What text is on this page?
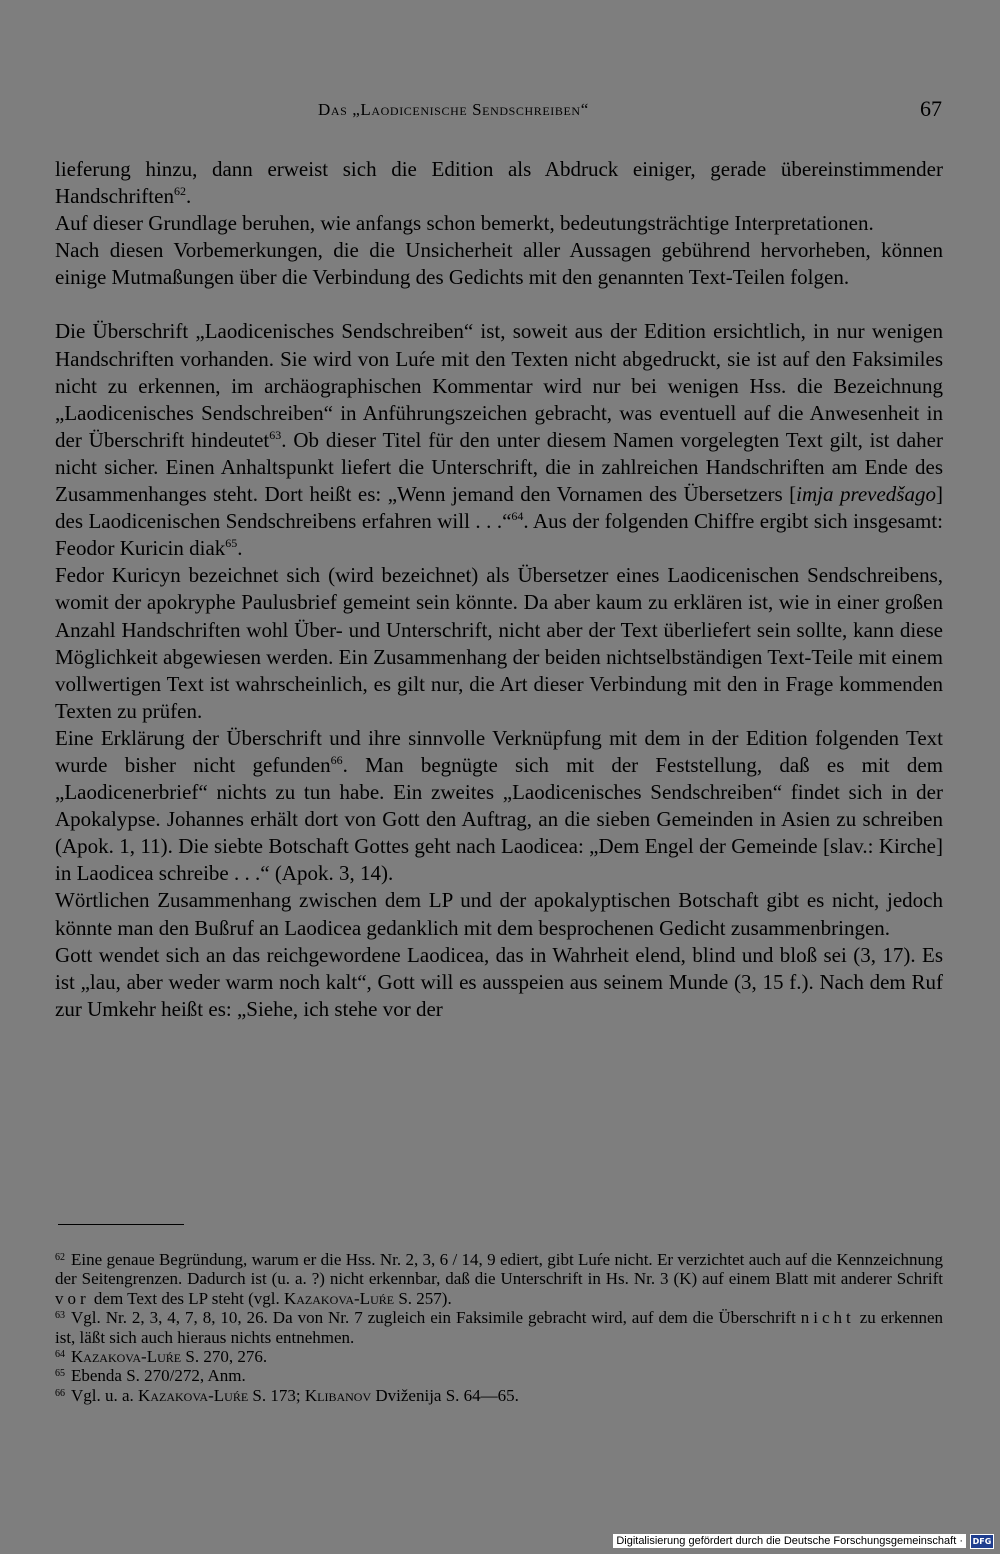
Das „Laodicenische Sendschreiben“	67

lieferung hinzu, dann erweist sich die Edition als Abdruck einiger, gerade übereinstimmender Handschriften$^{62}$.

Auf dieser Grundlage beruhen, wie anfangs schon bemerkt, bedeutungsträchtige Interpretationen.

Nach diesen Vorbemerkungen, die die Unsicherheit aller Aussagen gebührend hervorheben, können einige Mutmaßungen über die Verbindung des Gedichts mit den genannten Text-Teilen folgen.

Die Überschrift „Laodicenisches Sendschreiben“ ist, soweit aus der Edition ersichtlich, in nur wenigen Handschriften vorhanden. Sie wird von Luŕe mit den Texten nicht abgedruckt, sie ist auf den Faksimiles nicht zu erkennen, im archäographischen Kommentar wird nur bei wenigen Hss. die Bezeichnung „Laodicenisches Sendschreiben“ in Anführungszeichen gebracht, was eventuell auf die Anwesenheit in der Überschrift hindeutet$^{63}$. Ob dieser Titel für den unter diesem Namen vorgelegten Text gilt, ist daher nicht sicher. Einen Anhaltspunkt liefert die Unterschrift, die in zahlreichen Handschriften am Ende des Zusammenhanges steht. Dort heißt es: „Wenn jemand den Vornamen des Übersetzers [imja prevedšago] des Laodicenischen Sendschreibens erfahren will . . .“$^{64}$. Aus der folgenden Chiffre ergibt sich insgesamt: Feodor Kuricin diak$^{65}$.

Fedor Kuricyn bezeichnet sich (wird bezeichnet) als Übersetzer eines Laodicenischen Sendschreibens, womit der apokryphe Paulusbrief gemeint sein könnte. Da aber kaum zu erklären ist, wie in einer großen Anzahl Handschriften wohl Über- und Unterschrift, nicht aber der Text überliefert sein sollte, kann diese Möglichkeit abgewiesen werden. Ein Zusammenhang der beiden nichtselbständigen Text-Teile mit einem vollwertigen Text ist wahrscheinlich, es gilt nur, die Art dieser Verbindung mit den in Frage kommenden Texten zu prüfen.

Eine Erklärung der Überschrift und ihre sinnvolle Verknüpfung mit dem in der Edition folgenden Text wurde bisher nicht gefunden$^{66}$. Man begnügte sich mit der Feststellung, daß es mit dem „Laodicenerbrief“ nichts zu tun habe. Ein zweites „Laodicenisches Sendschreiben“ findet sich in der Apokalypse. Johannes erhält dort von Gott den Auftrag, an die sieben Gemeinden in Asien zu schreiben (Apok. 1, 11). Die siebte Botschaft Gottes geht nach Laodicea: „Dem Engel der Gemeinde [slav.: Kirche] in Laodicea schreibe . . .“ (Apok. 3, 14).

Wörtlichen Zusammenhang zwischen dem LP und der apokalyptischen Botschaft gibt es nicht, jedoch könnte man den Bußruf an Laodicea gedanklich mit dem besprochenen Gedicht zusammenbringen.

Gott wendet sich an das reichgewordene Laodicea, das in Wahrheit elend, blind und bloß sei (3, 17). Es ist „lau, aber weder warm noch kalt“, Gott will es ausspeien aus seinem Munde (3, 15 f.). Nach dem Ruf zur Umkehr heißt es: „Siehe, ich stehe vor der

$^{62}$ Eine genaue Begründung, warum er die Hss. Nr. 2, 3, 6 / 14, 9 ediert, gibt Luŕe nicht. Er verzichtet auch auf die Kennzeichnung der Seitengrenzen. Dadurch ist (u. a. ?) nicht erkennbar, daß die Unterschrift in Hs. Nr. 3 (K) auf einem Blatt mit anderer Schrift vor dem Text des LP steht (vgl. Kazakova-Luŕe S. 257).

$^{63}$ Vgl. Nr. 2, 3, 4, 7, 8, 10, 26. Da von Nr. 7 zugleich ein Faksimile gebracht wird, auf dem die Überschrift nicht zu erkennen ist, läßt sich auch hieraus nichts entnehmen.

$^{64}$ Kazakova-Luŕe S. 270, 276.

$^{65}$ Ebenda S. 270/272, Anm.

$^{66}$ Vgl. u. a. Kazakova-Luŕe S. 173; Klibanov Dviženija S. 64—65.

Digitalisierung gefördert durch die Deutsche Forschungsgemeinschaft ·	DFG
